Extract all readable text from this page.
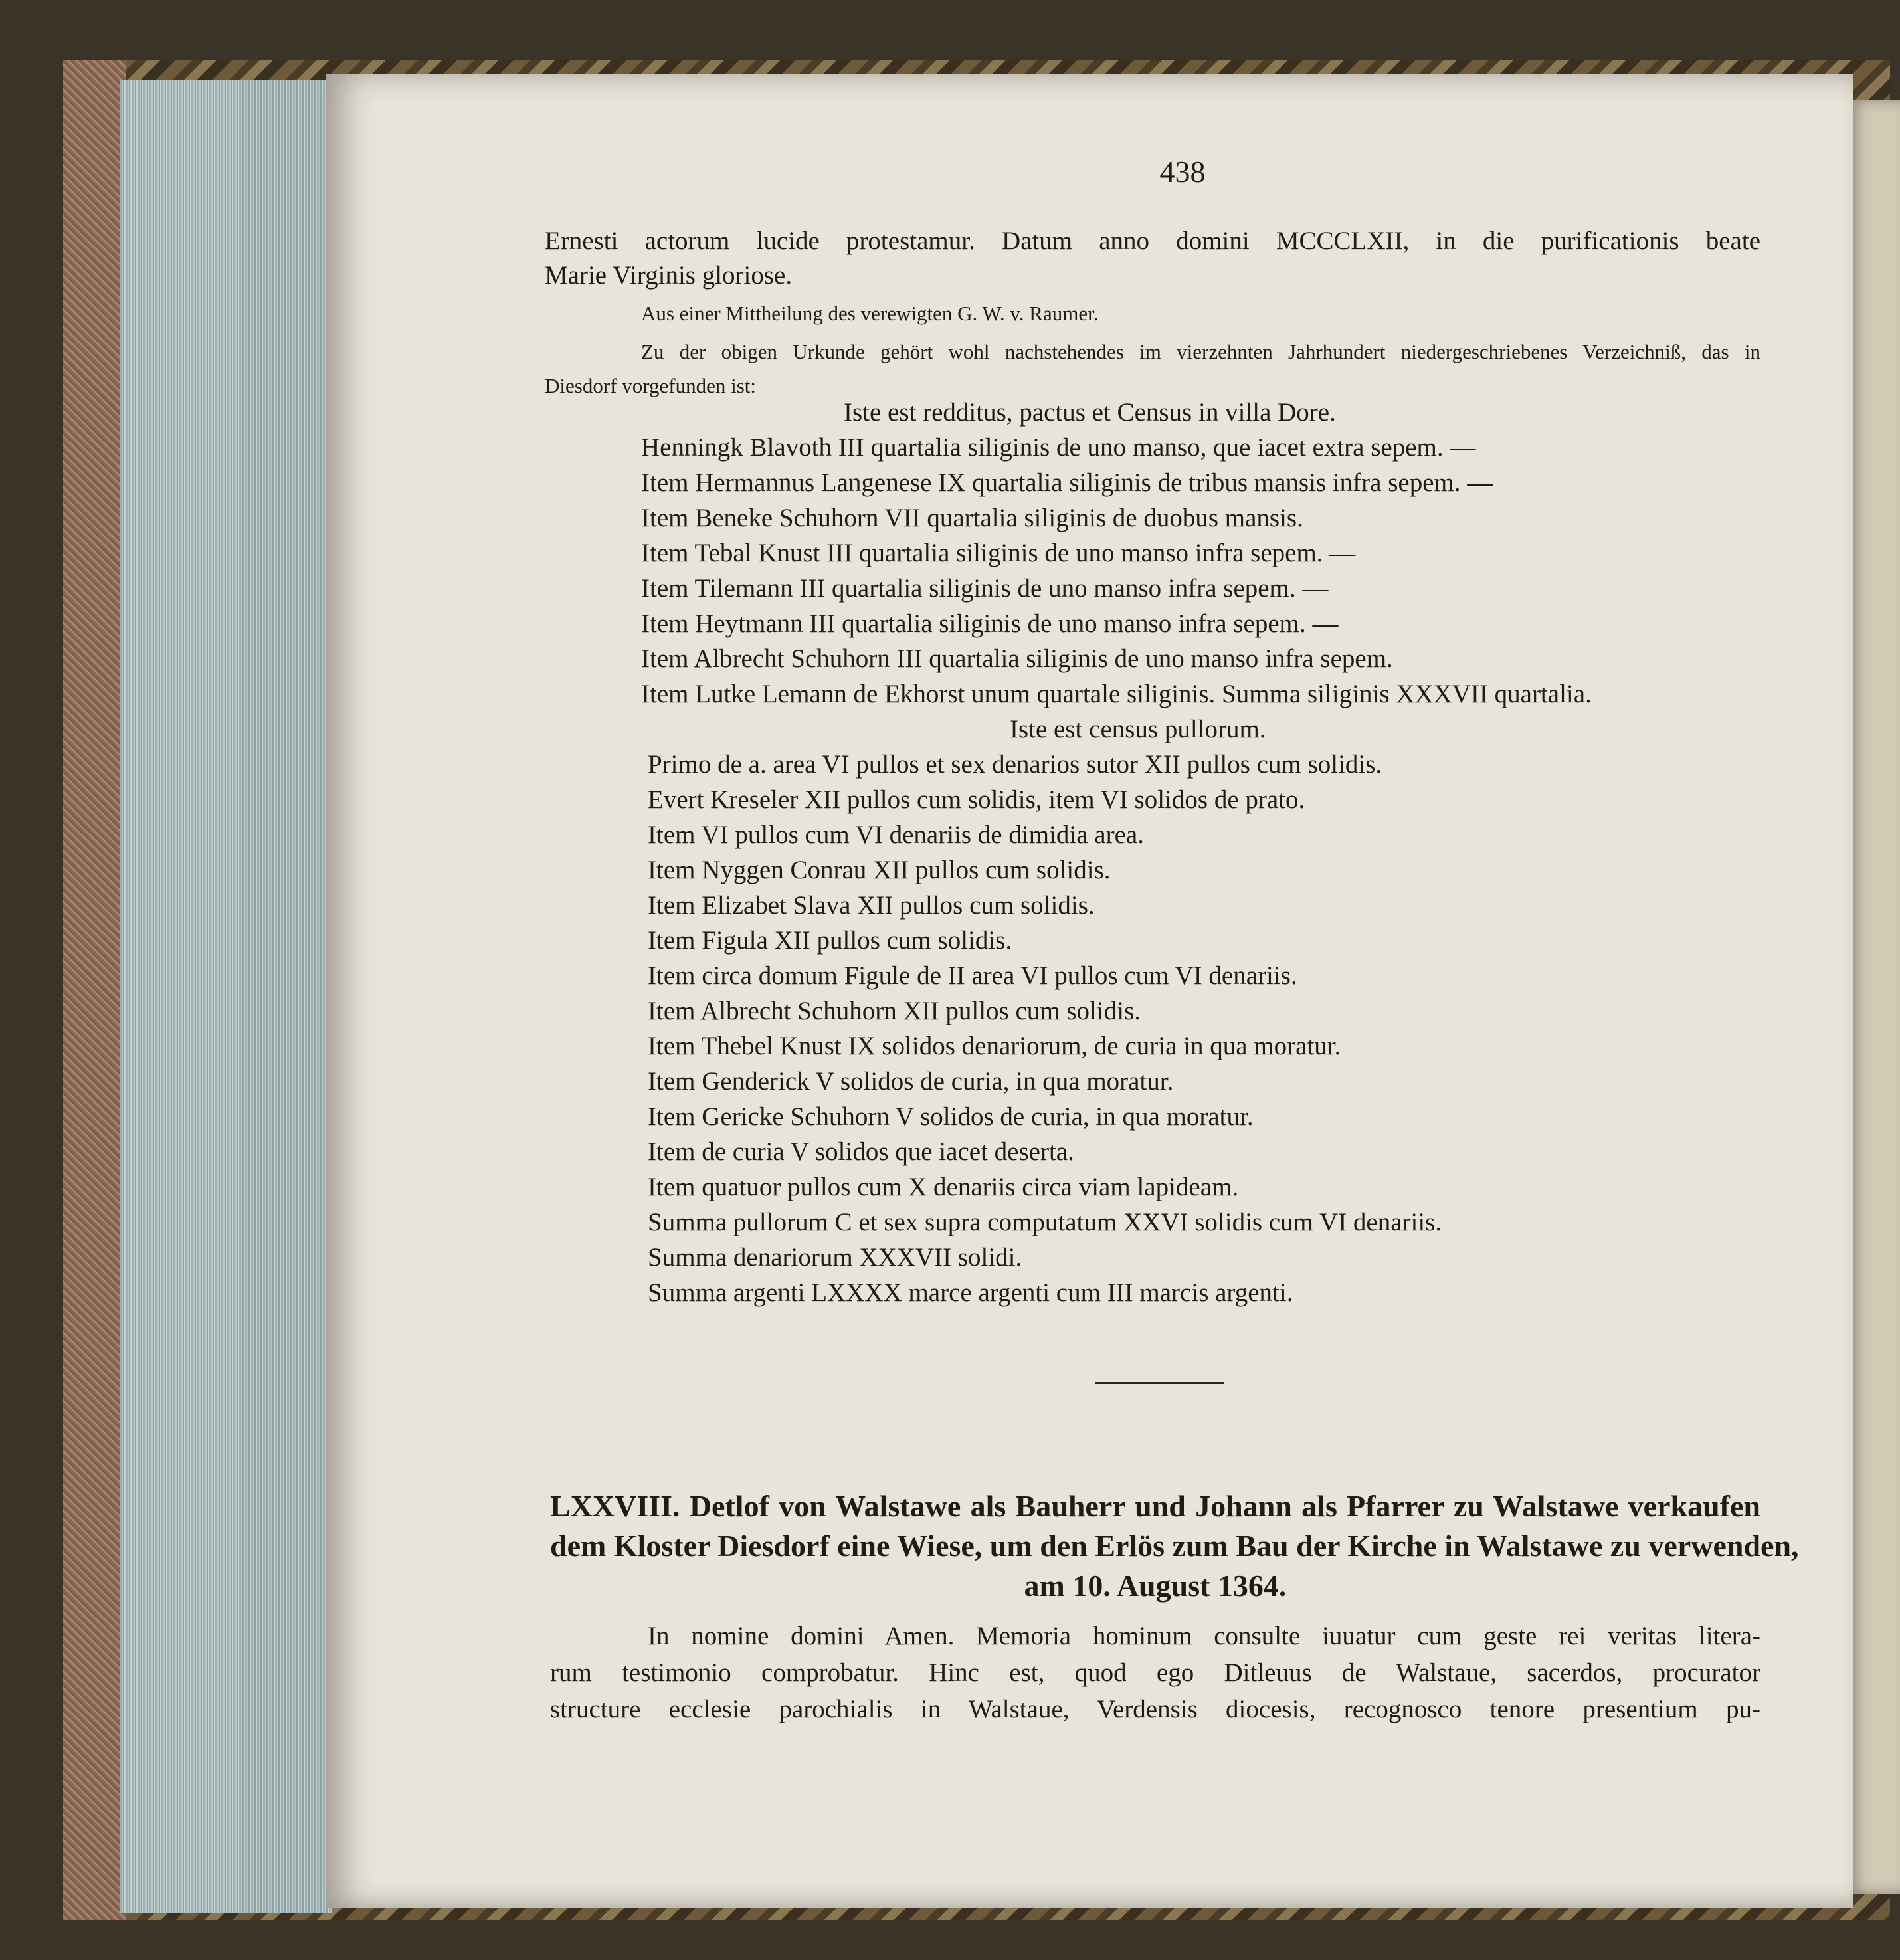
438
Ernesti actorum lucide protestamur. Datum anno domini MCCCLXII, in die purificationis beate
Marie Virginis gloriose.
Aus einer Mittheilung des verewigten G. W. v. Raumer.
Zu der obigen Urkunde gehört wohl nachstehendes im vierzehnten Jahrhundert niedergeschriebenes Verzeichniß, das in
Diesdorf vorgefunden ist:
Iste est redditus, pactus et Census in villa Dore.
Henningk Blavoth III quartalia siliginis de uno manso, que iacet extra sepem. —
Item Hermannus Langenese IX quartalia siliginis de tribus mansis infra sepem. —
Item Beneke Schuhorn VII quartalia siliginis de duobus mansis.
Item Tebal Knust III quartalia siliginis de uno manso infra sepem. —
Item Tilemann III quartalia siliginis de uno manso infra sepem. —
Item Heytmann III quartalia siliginis de uno manso infra sepem. —
Item Albrecht Schuhorn III quartalia siliginis de uno manso infra sepem.
Item Lutke Lemann de Ekhorst unum quartale siliginis. Summa siliginis XXXVII quartalia.
Iste est census pullorum.
Primo de a. area VI pullos et sex denarios sutor XII pullos cum solidis.
Evert Kreseler XII pullos cum solidis, item VI solidos de prato.
Item VI pullos cum VI denariis de dimidia area.
Item Nyggen Conrau XII pullos cum solidis.
Item Elizabet Slava XII pullos cum solidis.
Item Figula XII pullos cum solidis.
Item circa domum Figule de II area VI pullos cum VI denariis.
Item Albrecht Schuhorn XII pullos cum solidis.
Item Thebel Knust IX solidos denariorum, de curia in qua moratur.
Item Genderick V solidos de curia, in qua moratur.
Item Gericke Schuhorn V solidos de curia, in qua moratur.
Item de curia V solidos que iacet deserta.
Item quatuor pullos cum X denariis circa viam lapideam.
Summa pullorum C et sex supra computatum XXVI solidis cum VI denariis.
Summa denariorum XXXVII solidi.
Summa argenti LXXXX marce argenti cum III marcis argenti.
LXXVIII. Detlof von Walstawe als Bauherr und Johann als Pfarrer zu Walstawe verkaufen
dem Kloster Diesdorf eine Wiese, um den Erlös zum Bau der Kirche in Walstawe zu verwenden,
am 10. August 1364.
In nomine domini Amen. Memoria hominum consulte iuuatur cum geste rei veritas litera-
rum testimonio comprobatur. Hinc est, quod ego Ditleuus de Walstaue, sacerdos, procurator
structure ecclesie parochialis in Walstaue, Verdensis diocesis, recognosco tenore presentium pu-
